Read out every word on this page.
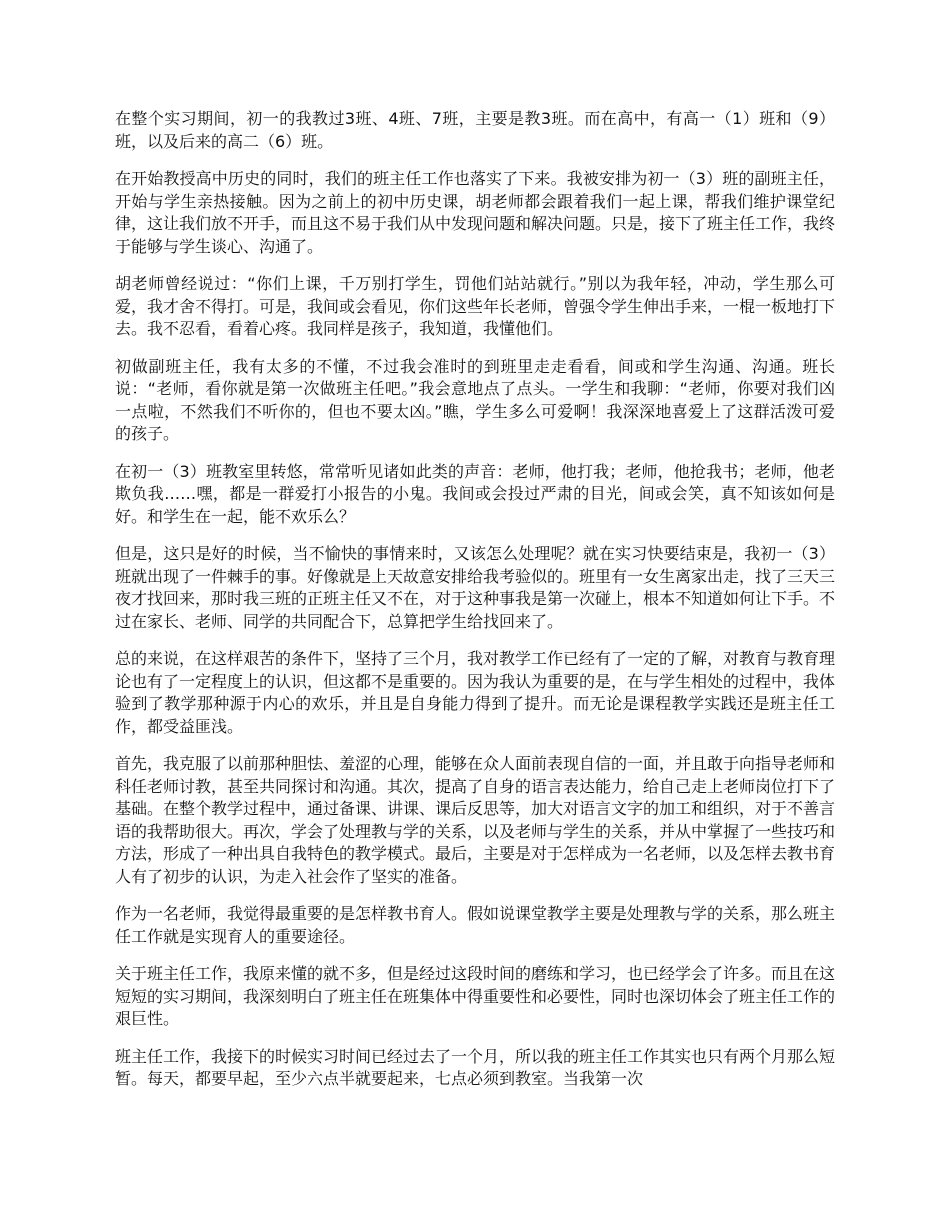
在整个实习期间，初一的我教过3班、4班、7班，主要是教3班。而在高中，有高一（1）班和（9）班，以及后来的高二（6）班。

在开始教授高中历史的同时，我们的班主任工作也落实了下来。我被安排为初一（3）班的副班主任，开始与学生亲热接触。因为之前上的初中历史课，胡老师都会跟着我们一起上课，帮我们维护课堂纪律，这让我们放不开手，而且这不易于我们从中发现问题和解决问题。只是，接下了班主任工作，我终于能够与学生谈心、沟通了。

胡老师曾经说过：“你们上课，千万别打学生，罚他们站站就行。”别以为我年轻，冲动，学生那么可爱，我才舍不得打。可是，我间或会看见，你们这些年长老师，曾强令学生伸出手来，一棍一板地打下去。我不忍看，看着心疼。我同样是孩子，我知道，我懂他们。

初做副班主任，我有太多的不懂，不过我会准时的到班里走走看看，间或和学生沟通、沟通。班长说：“老师，看你就是第一次做班主任吧。”我会意地点了点头。一学生和我聊：“老师，你要对我们凶一点啦，不然我们不听你的，但也不要太凶。”瞧，学生多么可爱啊！我深深地喜爱上了这群活泼可爱的孩子。

在初一（3）班教室里转悠，常常听见诸如此类的声音：老师，他打我；老师，他抢我书；老师，他老欺负我……嘿，都是一群爱打小报告的小鬼。我间或会投过严肃的目光，间或会笑，真不知该如何是好。和学生在一起，能不欢乐么？

但是，这只是好的时候，当不愉快的事情来时，又该怎么处理呢？就在实习快要结束是，我初一（3）班就出现了一件棘手的事。好像就是上天故意安排给我考验似的。班里有一女生离家出走，找了三天三夜才找回来，那时我三班的正班主任又不在，对于这种事我是第一次碰上，根本不知道如何让下手。不过在家长、老师、同学的共同配合下，总算把学生给找回来了。

总的来说，在这样艰苦的条件下，坚持了三个月，我对教学工作已经有了一定的了解，对教育与教育理论也有了一定程度上的认识，但这都不是重要的。因为我认为重要的是，在与学生相处的过程中，我体验到了教学那种源于内心的欢乐，并且是自身能力得到了提升。而无论是课程教学实践还是班主任工作，都受益匪浅。

首先，我克服了以前那种胆怯、羞涩的心理，能够在众人面前表现自信的一面，并且敢于向指导老师和科任老师讨教，甚至共同探讨和沟通。其次，提高了自身的语言表达能力，给自己走上老师岗位打下了基础。在整个教学过程中，通过备课、讲课、课后反思等，加大对语言文字的加工和组织，对于不善言语的我帮助很大。再次，学会了处理教与学的关系，以及老师与学生的关系，并从中掌握了一些技巧和方法，形成了一种出具自我特色的教学模式。最后，主要是对于怎样成为一名老师，以及怎样去教书育人有了初步的认识，为走入社会作了坚实的准备。

作为一名老师，我觉得最重要的是怎样教书育人。假如说课堂教学主要是处理教与学的关系，那么班主任工作就是实现育人的重要途径。

关于班主任工作，我原来懂的就不多，但是经过这段时间的磨练和学习，也已经学会了许多。而且在这短短的实习期间，我深刻明白了班主任在班集体中得重要性和必要性，同时也深切体会了班主任工作的艰巨性。

班主任工作，我接下的时候实习时间已经过去了一个月，所以我的班主任工作其实也只有两个月那么短暂。每天，都要早起，至少六点半就要起来，七点必须到教室。当我第一次
